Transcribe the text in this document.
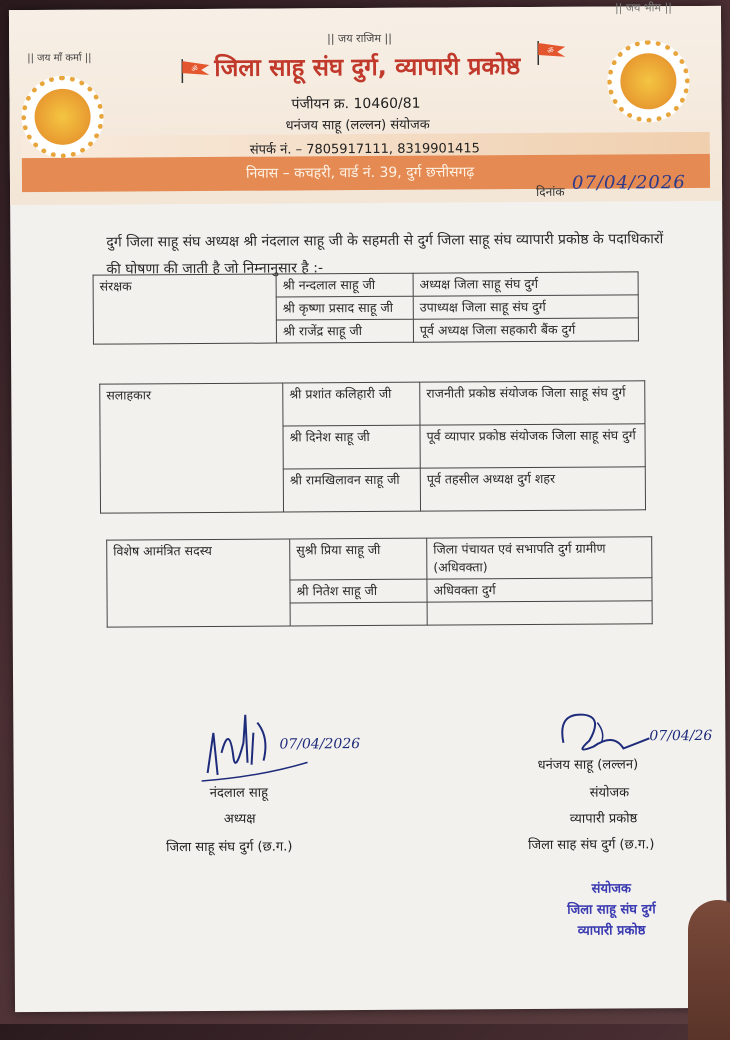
|| जय माँ कर्मा ||
|| जय राजिम ||
|| जय भीम ||
ॐ
ॐ
जिला साहू संघ दुर्ग, व्यापारी प्रकोष्ठ
पंजीयन क्र. 10460/81
धनंजय साहू (लल्लन) संयोजक
संपर्क नं. – 7805917111, 8319901415
निवास – कचहरी, वार्ड नं. 39, दुर्ग छत्तीसगढ़
दिनांक 07/04/2026
दुर्ग जिला साहू संघ अध्यक्ष श्री नंदलाल साहू जी के सहमती से दुर्ग जिला साहू संघ व्यापारी प्रकोष्ठ के पदाधिकारों की घोषणा की जाती है जो निम्नानुसार है :-
संरक्षक	श्री नन्दलाल साहू जी	अध्यक्ष जिला साहू संघ दुर्ग
	श्री कृष्णा प्रसाद साहू जी	उपाध्यक्ष जिला साहू संघ दुर्ग
	श्री राजेंद्र साहू जी	पूर्व अध्यक्ष जिला सहकारी बैंक दुर्ग
सलाहकार	श्री प्रशांत कलिहारी जी	राजनीती प्रकोष्ठ संयोजक जिला साहू संघ दुर्ग
	श्री दिनेश साहू जी	पूर्व व्यापार प्रकोष्ठ संयोजक जिला साहू संघ दुर्ग
	श्री रामखिलावन साहू जी	पूर्व तहसील अध्यक्ष दुर्ग शहर
विशेष आमंत्रित सदस्य	सुश्री प्रिया साहू जी	जिला पंचायत एवं सभापति दुर्ग ग्रामीण (अधिवक्ता)
	श्री नितेश साहू जी	अधिवक्ता दुर्ग

07/04/2026
नंदलाल साहू
अध्यक्ष
जिला साहू संघ दुर्ग (छ.ग.)
07/04/26
धनंजय साहू (लल्लन)
संयोजक
व्यापारी प्रकोष्ठ
जिला साह संघ दुर्ग (छ.ग.)
संयोजक
जिला साहू संघ दुर्ग
व्यापारी प्रकोष्ठ
